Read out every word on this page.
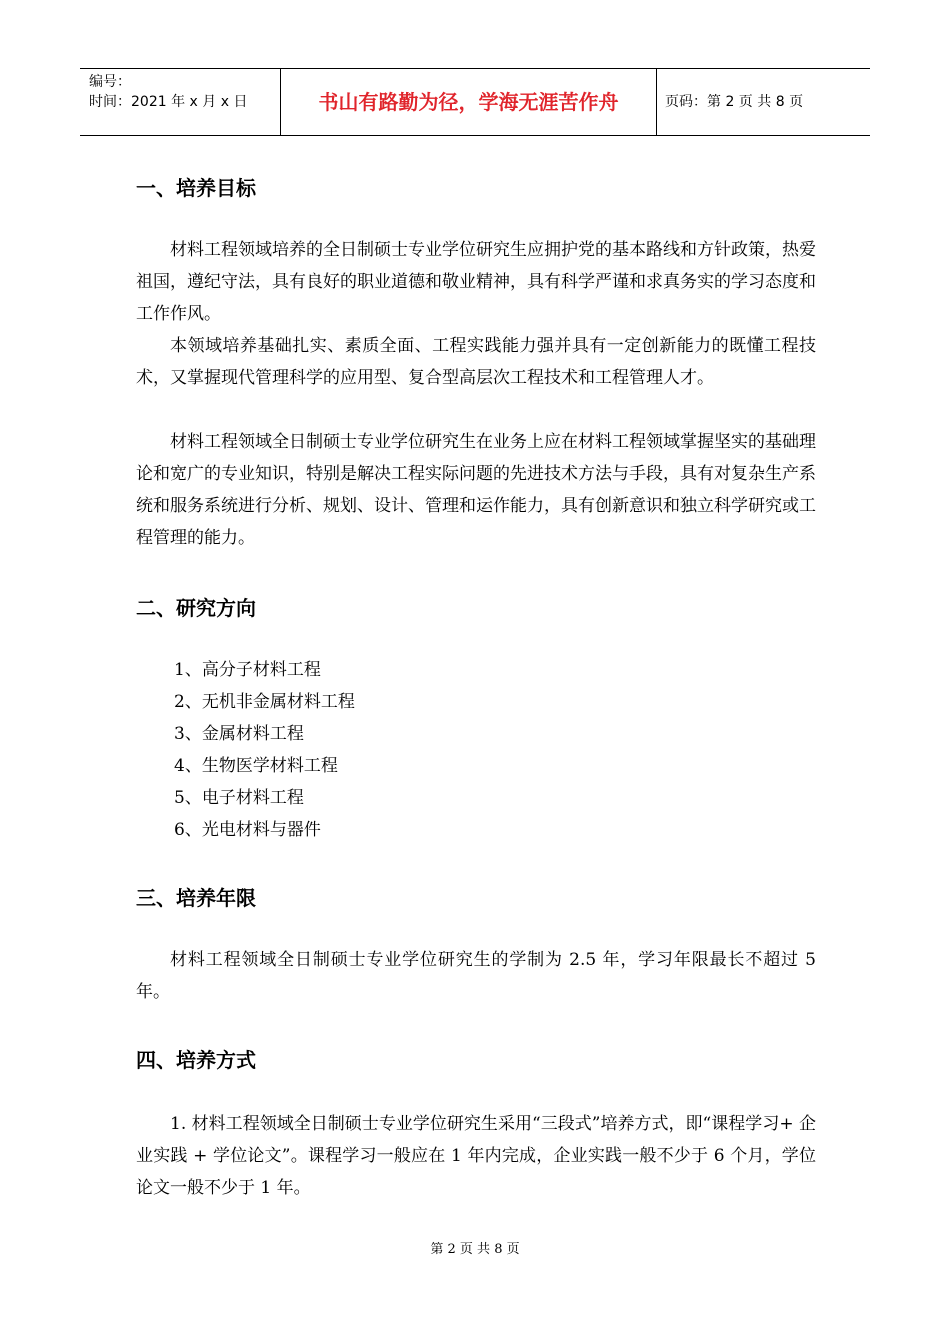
编号：
时间：2021 年 x 月 x 日	书山有路勤为径，学海无涯苦作舟	页码：第 2 页 共 8 页
一、培养目标

材料工程领域培养的全日制硕士专业学位研究生应拥护党的基本路线和方针政策，热爱祖国，遵纪守法，具有良好的职业道德和敬业精神，具有科学严谨和求真务实的学习态度和工作作风。

本领域培养基础扎实、素质全面、工程实践能力强并具有一定创新能力的既懂工程技术，又掌握现代管理科学的应用型、复合型高层次工程技术和工程管理人才。

材料工程领域全日制硕士专业学位研究生在业务上应在材料工程领域掌握坚实的基础理论和宽广的专业知识，特别是解决工程实际问题的先进技术方法与手段，具有对复杂生产系统和服务系统进行分析、规划、设计、管理和运作能力，具有创新意识和独立科学研究或工程管理的能力。

二、研究方向
1、高分子材料工程
2、无机非金属材料工程
3、金属材料工程
4、生物医学材料工程
5、电子材料工程
6、光电材料与器件
三、培养年限

材料工程领域全日制硕士专业学位研究生的学制为 2.5 年，学习年限最长不超过 5 年。

四、培养方式

1. 材料工程领域全日制硕士专业学位研究生采用“三段式”培养方式，即“课程学习+ 企业实践 + 学位论文”。课程学习一般应在 1 年内完成，企业实践一般不少于 6 个月，学位论文一般不少于 1 年。

第 2 页 共 8 页
